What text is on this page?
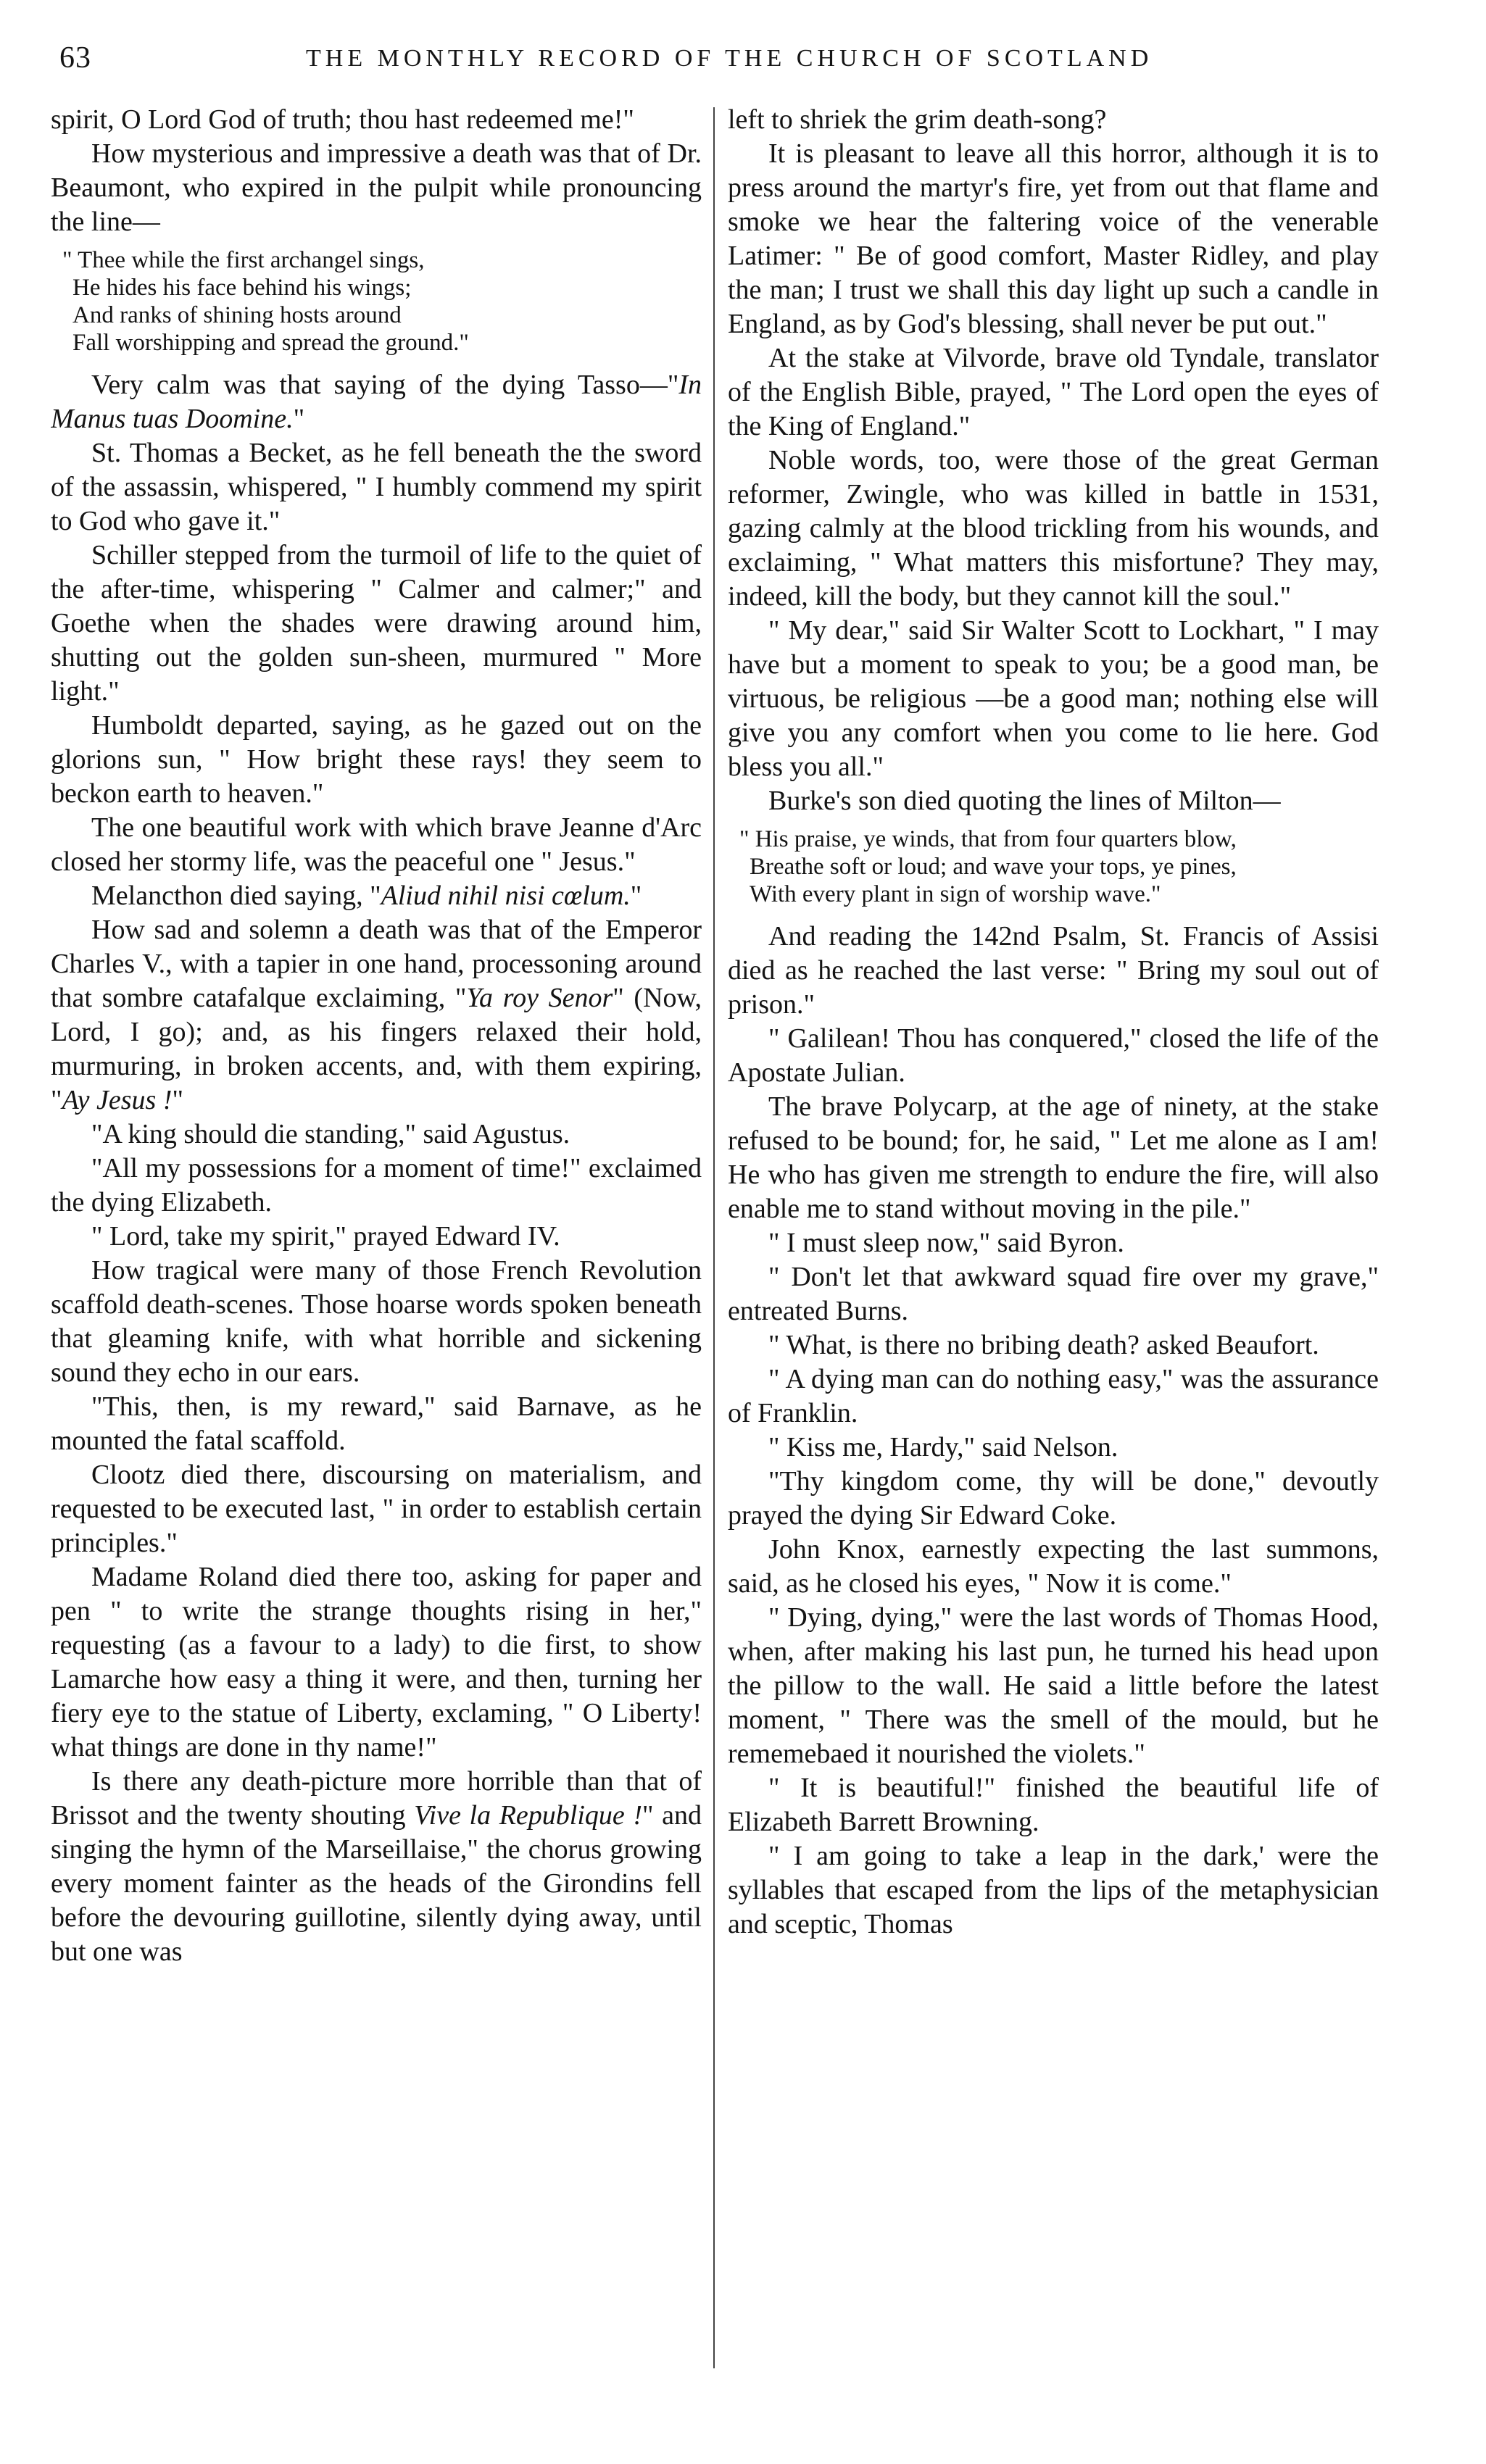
63	THE MONTHLY RECORD OF THE CHURCH OF SCOTLAND

spirit, O Lord God of truth; thou hast redeemed me!"

How mysterious and impressive a death was that of Dr. Beaumont, who expired in the pulpit while pronouncing the line—

" Thee while the first archangel sings,
He hides his face behind his wings;
And ranks of shining hosts around
Fall worshipping and spread the ground."

Very calm was that saying of the dying Tasso—"In Manus tuas Doomine."

St. Thomas a Becket, as he fell beneath the the sword of the assassin, whispered, " I humbly commend my spirit to God who gave it."

Schiller stepped from the turmoil of life to the quiet of the after-time, whispering " Calmer and calmer;" and Goethe when the shades were drawing around him, shutting out the golden sun-sheen, murmured " More light."

Humboldt departed, saying, as he gazed out on the glorions sun, " How bright these rays! they seem to beckon earth to heaven."

The one beautiful work with which brave Jeanne d'Arc closed her stormy life, was the peaceful one " Jesus."

Melancthon died saying, "Aliud nihil nisi cœlum."

How sad and solemn a death was that of the Emperor Charles V., with a tapier in one hand, processoning around that sombre catafalque exclaiming, "Ya roy Senor" (Now, Lord, I go); and, as his fingers relaxed their hold, murmuring, in broken accents, and, with them expiring, "Ay Jesus !"

"A king should die standing," said Agustus.

"All my possessions for a moment of time!" exclaimed the dying Elizabeth.

" Lord, take my spirit," prayed Edward IV.

How tragical were many of those French Revolution scaffold death-scenes. Those hoarse words spoken beneath that gleaming knife, with what horrible and sickening sound they echo in our ears.

"This, then, is my reward," said Barnave, as he mounted the fatal scaffold.

Clootz died there, discoursing on materialism, and requested to be executed last, " in order to establish certain principles."

Madame Roland died there too, asking for paper and pen " to write the strange thoughts rising in her," requesting (as a favour to a lady) to die first, to show Lamarche how easy a thing it were, and then, turning her fiery eye to the statue of Liberty, exclaming, " O Liberty! what things are done in thy name!"

Is there any death-picture more horrible than that of Brissot and the twenty shouting Vive la Republique !" and singing the hymn of the Marseillaise," the chorus growing every moment fainter as the heads of the Girondins fell before the devouring guillotine, silently dying away, until but one was

left to shriek the grim death-song?

It is pleasant to leave all this horror, although it is to press around the martyr's fire, yet from out that flame and smoke we hear the faltering voice of the venerable Latimer: " Be of good comfort, Master Ridley, and play the man; I trust we shall this day light up such a candle in England, as by God's blessing, shall never be put out."

At the stake at Vilvorde, brave old Tyndale, translator of the English Bible, prayed, " The Lord open the eyes of the King of England."

Noble words, too, were those of the great German reformer, Zwingle, who was killed in battle in 1531, gazing calmly at the blood trickling from his wounds, and exclaiming, " What matters this misfortune? They may, indeed, kill the body, but they cannot kill the soul."

" My dear," said Sir Walter Scott to Lockhart, " I may have but a moment to speak to you; be a good man, be virtuous, be religious —be a good man; nothing else will give you any comfort when you come to lie here. God bless you all."

Burke's son died quoting the lines of Milton—

" His praise, ye winds, that from four quarters blow,
Breathe soft or loud; and wave your tops, ye pines,
With every plant in sign of worship wave."

And reading the 142nd Psalm, St. Francis of Assisi died as he reached the last verse: " Bring my soul out of prison."

" Galilean! Thou has conquered," closed the life of the Apostate Julian.

The brave Polycarp, at the age of ninety, at the stake refused to be bound; for, he said, " Let me alone as I am! He who has given me strength to endure the fire, will also enable me to stand without moving in the pile."

" I must sleep now," said Byron.

" Don't let that awkward squad fire over my grave," entreated Burns.

" What, is there no bribing death? asked Beaufort.

" A dying man can do nothing easy," was the assurance of Franklin.

" Kiss me, Hardy," said Nelson.

"Thy kingdom come, thy will be done," devoutly prayed the dying Sir Edward Coke.

John Knox, earnestly expecting the last summons, said, as he closed his eyes, " Now it is come."

" Dying, dying," were the last words of Thomas Hood, when, after making his last pun, he turned his head upon the pillow to the wall. He said a little before the latest moment, " There was the smell of the mould, but he rememebaed it nourished the violets."

" It is beautiful!" finished the beautiful life of Elizabeth Barrett Browning.

" I am going to take a leap in the dark,' were the syllables that escaped from the lips of the metaphysician and sceptic, Thomas
